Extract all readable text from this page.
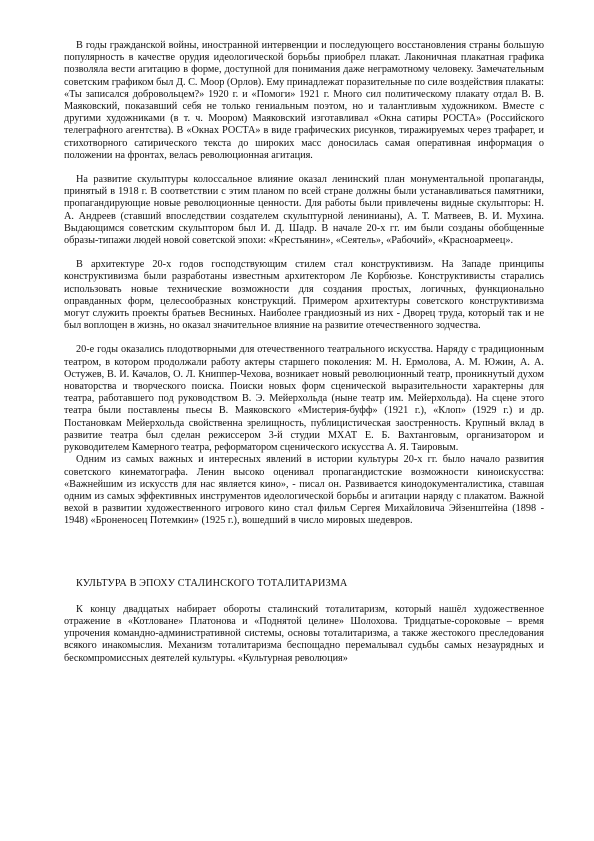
В годы гражданской войны, иностранной интервенции и последующего восстановления страны большую популярность в качестве орудия идеологической борьбы приобрел плакат. Лаконичная плакатная графика позволяла вести агитацию в форме, доступной для понимания даже неграмотному человеку. Замечательным советским графиком был Д. С. Моор (Орлов). Ему принадлежат поразительные по силе воздействия плакаты: «Ты записался добровольцем?» 1920 г. и «Помоги» 1921 г. Много сил политическому плакату отдал В. В. Маяковский, показавший себя не только гениальным поэтом, но и талантливым художником. Вместе с другими художниками (в т. ч. Моором) Маяковский изготавливал «Окна сатиры РОСТА» (Российского телеграфного агентства). В «Окнах РОСТА» в виде графических рисунков, тиражируемых через трафарет, и стихотворного сатирического текста до широких масс доносилась самая оперативная информация о положении на фронтах, велась революционная агитация.

На развитие скульптуры колоссальное влияние оказал ленинский план монументальной пропаганды, принятый в 1918 г. В соответствии с этим планом по всей стране должны были устанавливаться памятники, пропагандирующие новые революционные ценности. Для работы были привлечены видные скульпторы: Н. А. Андреев (ставший впоследствии создателем скульптурной ленинианы), А. Т. Матвеев, В. И. Мухина. Выдающимся советским скульптором был И. Д. Шадр. В начале 20-х гг. им были созданы обобщенные образы-типажи людей новой советской эпохи: «Крестьянин», «Сеятель», «Рабочий», «Красноармеец».

В архитектуре 20-х годов господствующим стилем стал конструктивизм. На Западе принципы конструктивизма были разработаны известным архитектором Ле Корбюзье. Конструктивисты старались использовать новые технические возможности для создания простых, логичных, функционально оправданных форм, целесообразных конструкций. Примером архитектуры советского конструктивизма могут служить проекты братьев Весниных. Наиболее грандиозный из них - Дворец труда, который так и не был воплощен в жизнь, но оказал значительное влияние на развитие отечественного зодчества.

20-е годы оказались плодотворными для отечественного театрального искусства. Наряду с традиционным театром, в котором продолжали работу актеры старшего поколения: М. Н. Ермолова, А. М. Южин, А. А. Остужев, В. И. Качалов, О. Л. Книппер-Чехова, возникает новый революционный театр, проникнутый духом новаторства и творческого поиска. Поиски новых форм сценической выразительности характерны для театра, работавшего под руководством В. Э. Мейерхольда (ныне театр им. Мейерхольда). На сцене этого театра были поставлены пьесы В. Маяковского «Мистерия-буфф» (1921 г.), «Клоп» (1929 г.) и др. Постановкам Мейерхольда свойственна зрелищность, публицистическая заостренность. Крупный вклад в развитие театра был сделан режиссером 3-й студии МХАТ Е. Б. Вахтанговым, организатором и руководителем Камерного театра, реформатором сценического искусства А. Я. Таировым.

Одним из самых важных и интересных явлений в истории культуры 20-х гг. было начало развития советского кинематографа. Ленин высоко оценивал пропагандистские возможности киноискусства: «Важнейшим из искусств для нас является кино», - писал он. Развивается кинодокументалистика, ставшая одним из самых эффективных инструментов идеологической борьбы и агитации наряду с плакатом. Важной вехой в развитии художественного игрового кино стал фильм Сергея Михайловича Эйзенштейна (1898 - 1948) «Броненосец Потемкин» (1925 г.), вошедший в число мировых шедевров.

КУЛЬТУРА В ЭПОХУ СТАЛИНСКОГО ТОТАЛИТАРИЗМА

К концу двадцатых набирает обороты сталинский тоталитаризм, который нашёл художественное отражение в «Котловане» Платонова и «Поднятой целине» Шолохова. Тридцатые-сороковые – время упрочения командно-административной системы, основы тоталитаризма, а также жестокого преследования всякого инакомыслия. Механизм тоталитаризма беспощадно перемалывал судьбы самых незаурядных и бескомпромиссных деятелей культуры. «Культурная революция»
